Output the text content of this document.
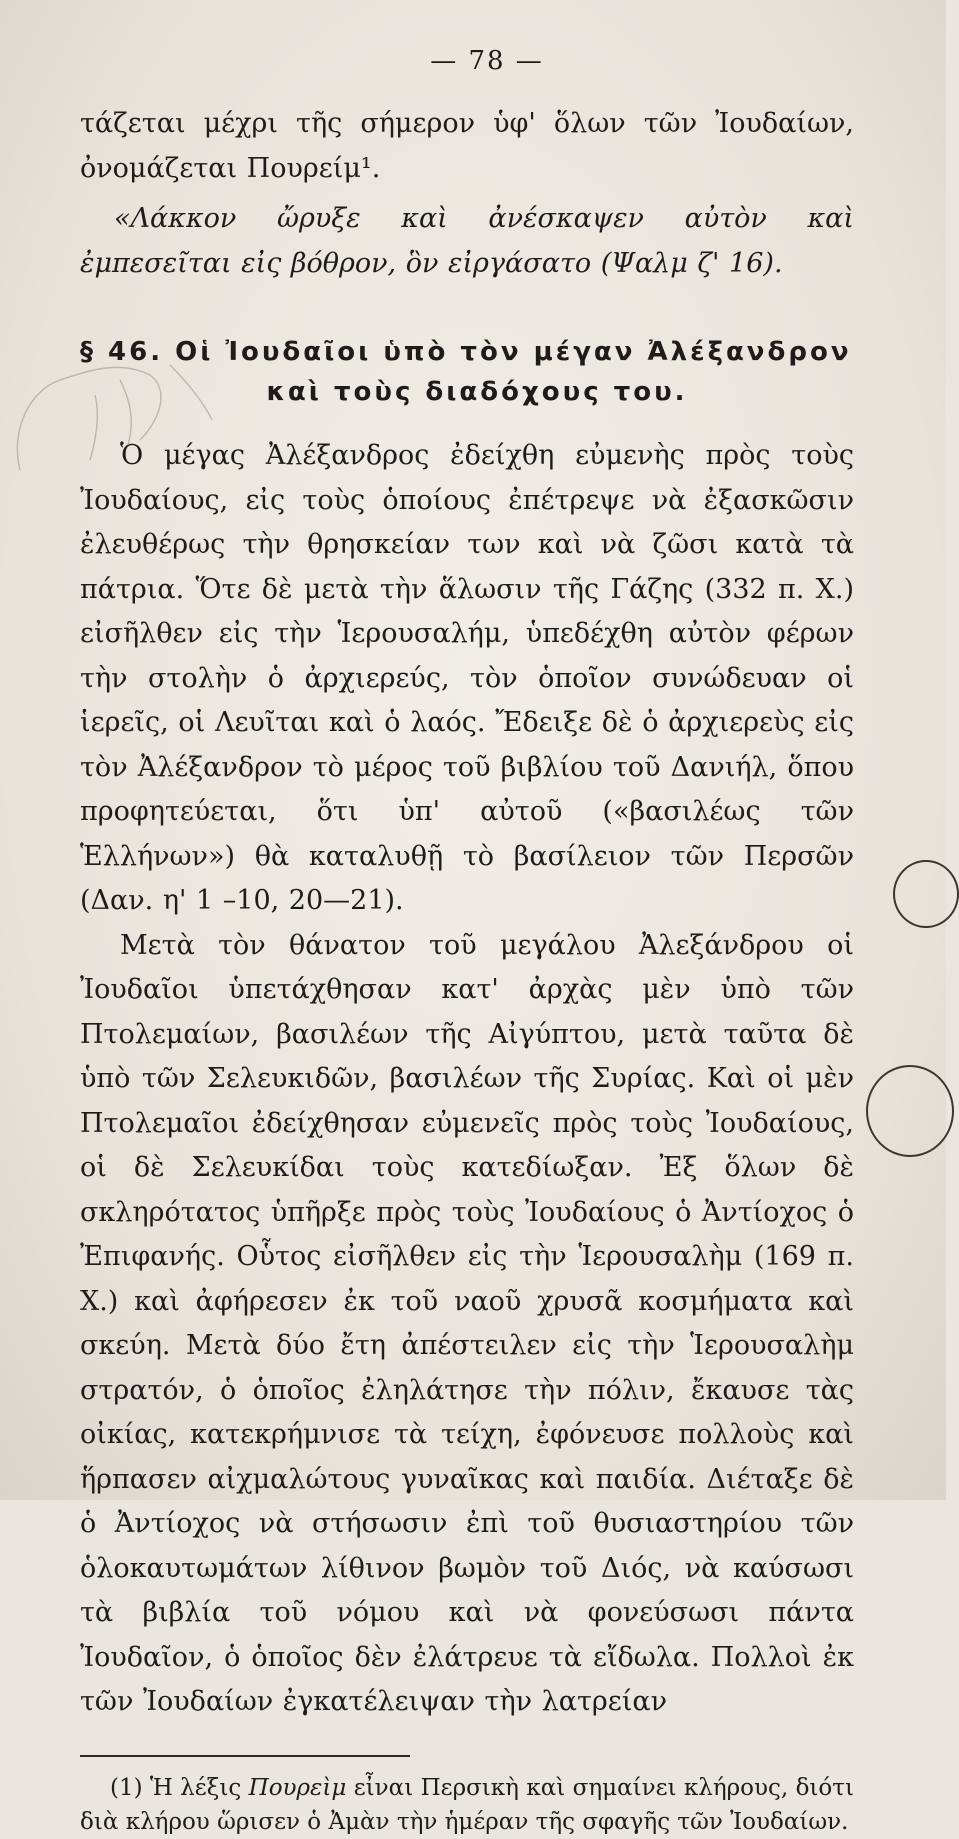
— 78 —

τάζεται μέχρι τῆς σήμερον ὑφ' ὅλων τῶν Ἰουδαίων, ὀνομάζεται Πουρείμ¹.

«Λάκκον ὤρυξε καὶ ἀνέσκαψεν αὐτὸν καὶ ἐμπεσεῖται εἰς βόθρον, ὃν εἰργάσατο (Ψαλμ ζ' 16).

§ 46. Οἱ Ἰουδαῖοι ὑπὸ τὸν μέγαν Ἀλέξανδρον
καὶ τοὺς διαδόχους του.

Ὁ μέγας Ἀλέξανδρος ἐδείχθη εὐμενὴς πρὸς τοὺς Ἰουδαίους, εἰς τοὺς ὁποίους ἐπέτρεψε νὰ ἐξασκῶσιν ἐλευθέρως τὴν θρησκείαν των καὶ νὰ ζῶσι κατὰ τὰ πάτρια. Ὅτε δὲ μετὰ τὴν ἅλωσιν τῆς Γάζης (332 π. Χ.) εἰσῆλθεν εἰς τὴν Ἱερουσαλήμ, ὑπεδέχθη αὐτὸν φέρων τὴν στολὴν ὁ ἀρχιερεύς, τὸν ὁποῖον συνώδευαν οἱ ἱερεῖς, οἱ Λευῖται καὶ ὁ λαός. Ἔδειξε δὲ ὁ ἀρχιερεὺς εἰς τὸν Ἀλέξανδρον τὸ μέρος τοῦ βιβλίου τοῦ Δανιήλ, ὅπου προφητεύεται, ὅτι ὑπ' αὐτοῦ («βασιλέως τῶν Ἑλλήνων») θὰ καταλυθῇ τὸ βασίλειον τῶν Περσῶν (Δαν. η' 1 –10, 20—21).

Μετὰ τὸν θάνατον τοῦ μεγάλου Ἀλεξάνδρου οἱ Ἰουδαῖοι ὑπετάχθησαν κατ' ἀρχὰς μὲν ὑπὸ τῶν Πτολεμαίων, βασιλέων τῆς Αἰγύπτου, μετὰ ταῦτα δὲ ὑπὸ τῶν Σελευκιδῶν, βασιλέων τῆς Συρίας. Καὶ οἱ μὲν Πτολεμαῖοι ἐδείχθησαν εὐμενεῖς πρὸς τοὺς Ἰουδαίους, οἱ δὲ Σελευκίδαι τοὺς κατεδίωξαν. Ἐξ ὅλων δὲ σκληρότατος ὑπῆρξε πρὸς τοὺς Ἰουδαίους ὁ Ἀντίοχος ὁ Ἐπιφανής. Οὗτος εἰσῆλθεν εἰς τὴν Ἱερουσαλὴμ (169 π. Χ.) καὶ ἀφήρεσεν ἐκ τοῦ ναοῦ χρυσᾶ κοσμήματα καὶ σκεύη. Μετὰ δύο ἔτη ἀπέστειλεν εἰς τὴν Ἱερουσαλὴμ στρατόν, ὁ ὁποῖος ἐληλάτησε τὴν πόλιν, ἔκαυσε τὰς οἰκίας, κατεκρήμνισε τὰ τείχη, ἐφόνευσε πολλοὺς καὶ ἥρπασεν αἰχμαλώτους γυναῖκας καὶ παιδία. Διέταξε δὲ ὁ Ἀντίοχος νὰ στήσωσιν ἐπὶ τοῦ θυσιαστηρίου τῶν ὁλοκαυτωμάτων λίθινον βωμὸν τοῦ Διός, νὰ καύσωσι τὰ βιβλία τοῦ νόμου καὶ νὰ φονεύσωσι πάντα Ἰουδαῖον, ὁ ὁποῖος δὲν ἐλάτρευε τὰ εἴδωλα. Πολλοὶ ἐκ τῶν Ἰουδαίων ἐγκατέλειψαν τὴν λατρείαν

(1) Ἡ λέξις Πουρεὶμ εἶναι Περσικὴ καὶ σημαίνει κλήρους, διότι διὰ κλήρου ὥρισεν ὁ Ἀμὰν τὴν ἡμέραν τῆς σφαγῆς τῶν Ἰουδαίων.
